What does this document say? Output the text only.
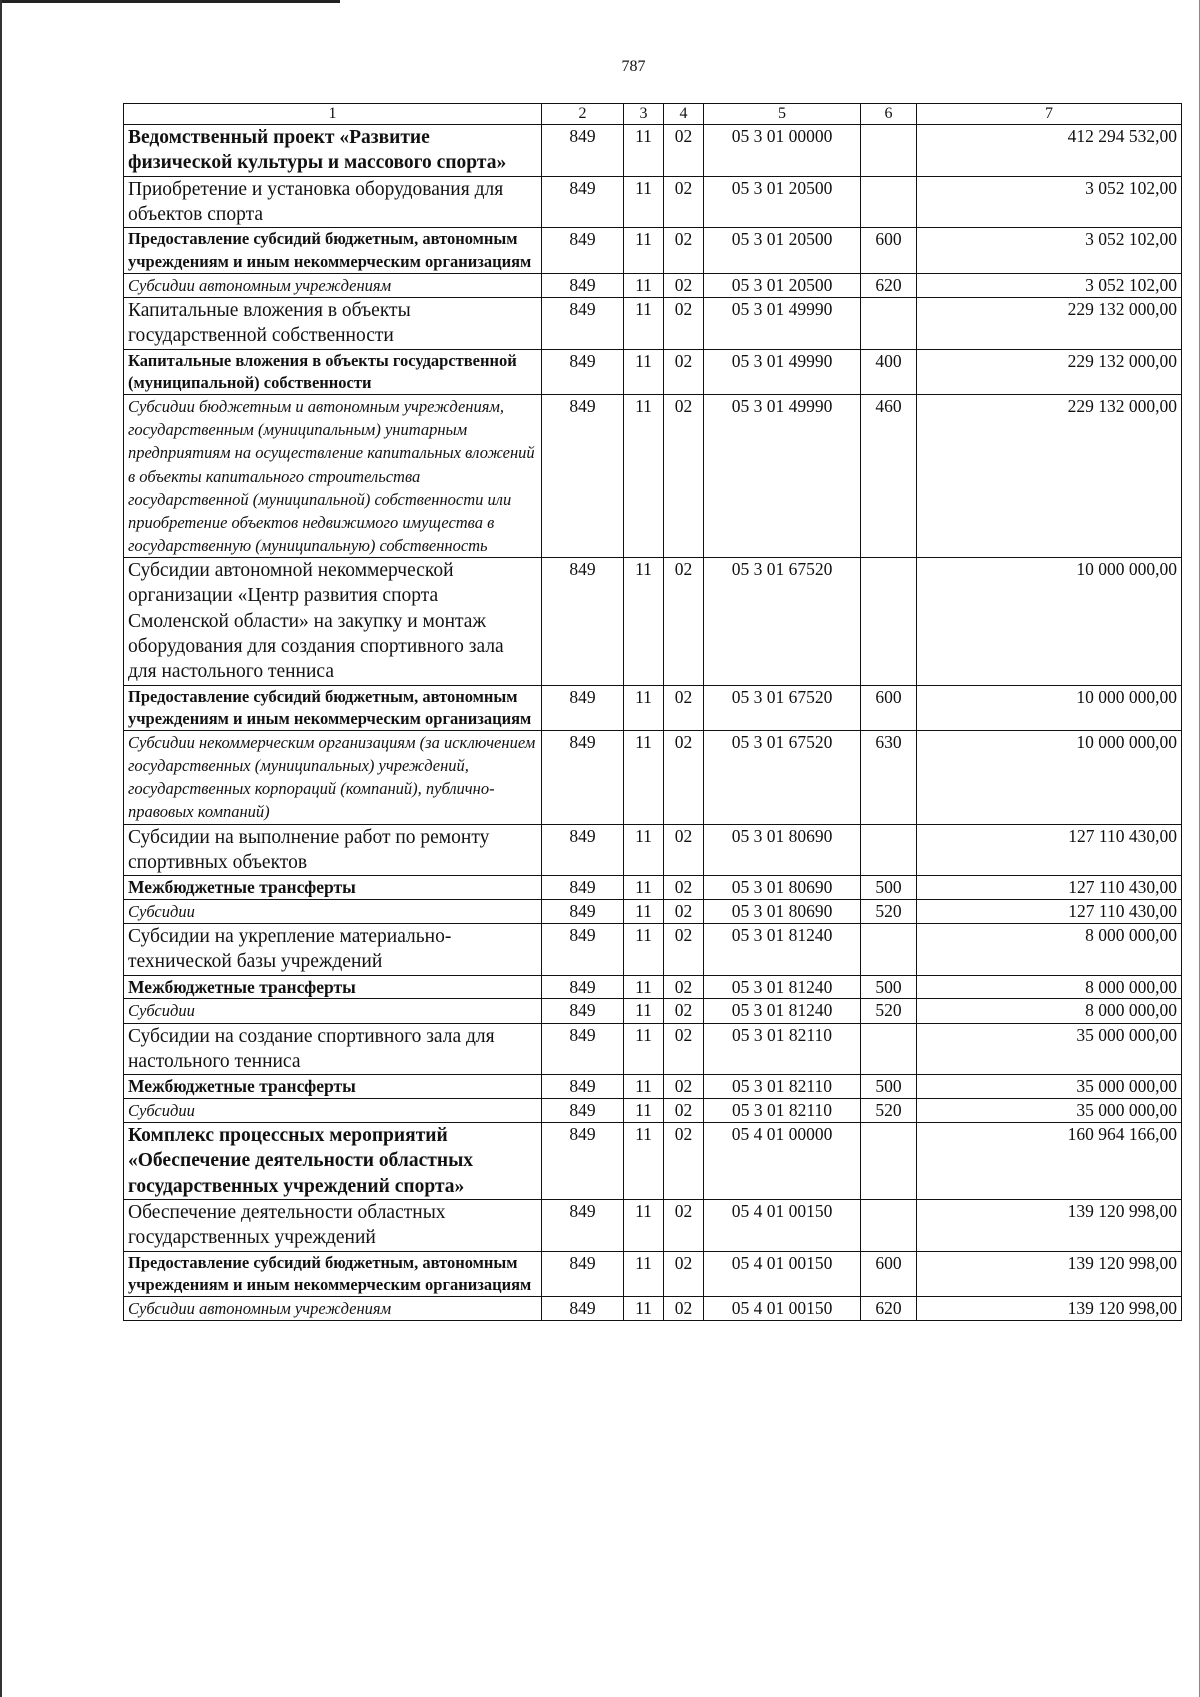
787
1	2	3	4	5	6	7
Ведомственный проект «Развитие физической культуры и массового спорта»	849	11	02	05 3 01 00000		412 294 532,00
Приобретение и установка оборудования для объектов спорта	849	11	02	05 3 01 20500		3 052 102,00
Предоставление субсидий бюджетным, автономным учреждениям и иным некоммерческим организациям	849	11	02	05 3 01 20500	600	3 052 102,00
Субсидии автономным учреждениям	849	11	02	05 3 01 20500	620	3 052 102,00
Капитальные вложения в объекты государственной собственности	849	11	02	05 3 01 49990		229 132 000,00
Капитальные вложения в объекты государственной (муниципальной) собственности	849	11	02	05 3 01 49990	400	229 132 000,00
Субсидии бюджетным и автономным учреждениям, государственным (муниципальным) унитарным предприятиям на осуществление капитальных вложений в объекты капитального строительства государственной (муниципальной) собственности или приобретение объектов недвижимого имущества в государственную (муниципальную) собственность	849	11	02	05 3 01 49990	460	229 132 000,00
Субсидии автономной некоммерческой организации «Центр развития спорта Смоленской области» на закупку и монтаж оборудования для создания спортивного зала для настольного тенниса	849	11	02	05 3 01 67520		10 000 000,00
Предоставление субсидий бюджетным, автономным учреждениям и иным некоммерческим организациям	849	11	02	05 3 01 67520	600	10 000 000,00
Субсидии некоммерческим организациям (за исключением государственных (муниципальных) учреждений, государственных корпораций (компаний), публично-правовых компаний)	849	11	02	05 3 01 67520	630	10 000 000,00
Субсидии на выполнение работ по ремонту спортивных объектов	849	11	02	05 3 01 80690		127 110 430,00
Межбюджетные трансферты	849	11	02	05 3 01 80690	500	127 110 430,00
Субсидии	849	11	02	05 3 01 80690	520	127 110 430,00
Субсидии на укрепление материально-технической базы учреждений	849	11	02	05 3 01 81240		8 000 000,00
Межбюджетные трансферты	849	11	02	05 3 01 81240	500	8 000 000,00
Субсидии	849	11	02	05 3 01 81240	520	8 000 000,00
Субсидии на создание спортивного зала для настольного тенниса	849	11	02	05 3 01 82110		35 000 000,00
Межбюджетные трансферты	849	11	02	05 3 01 82110	500	35 000 000,00
Субсидии	849	11	02	05 3 01 82110	520	35 000 000,00
Комплекс процессных мероприятий «Обеспечение деятельности областных государственных учреждений спорта»	849	11	02	05 4 01 00000		160 964 166,00
Обеспечение деятельности областных государственных учреждений	849	11	02	05 4 01 00150		139 120 998,00
Предоставление субсидий бюджетным, автономным учреждениям и иным некоммерческим организациям	849	11	02	05 4 01 00150	600	139 120 998,00
Субсидии автономным учреждениям	849	11	02	05 4 01 00150	620	139 120 998,00
